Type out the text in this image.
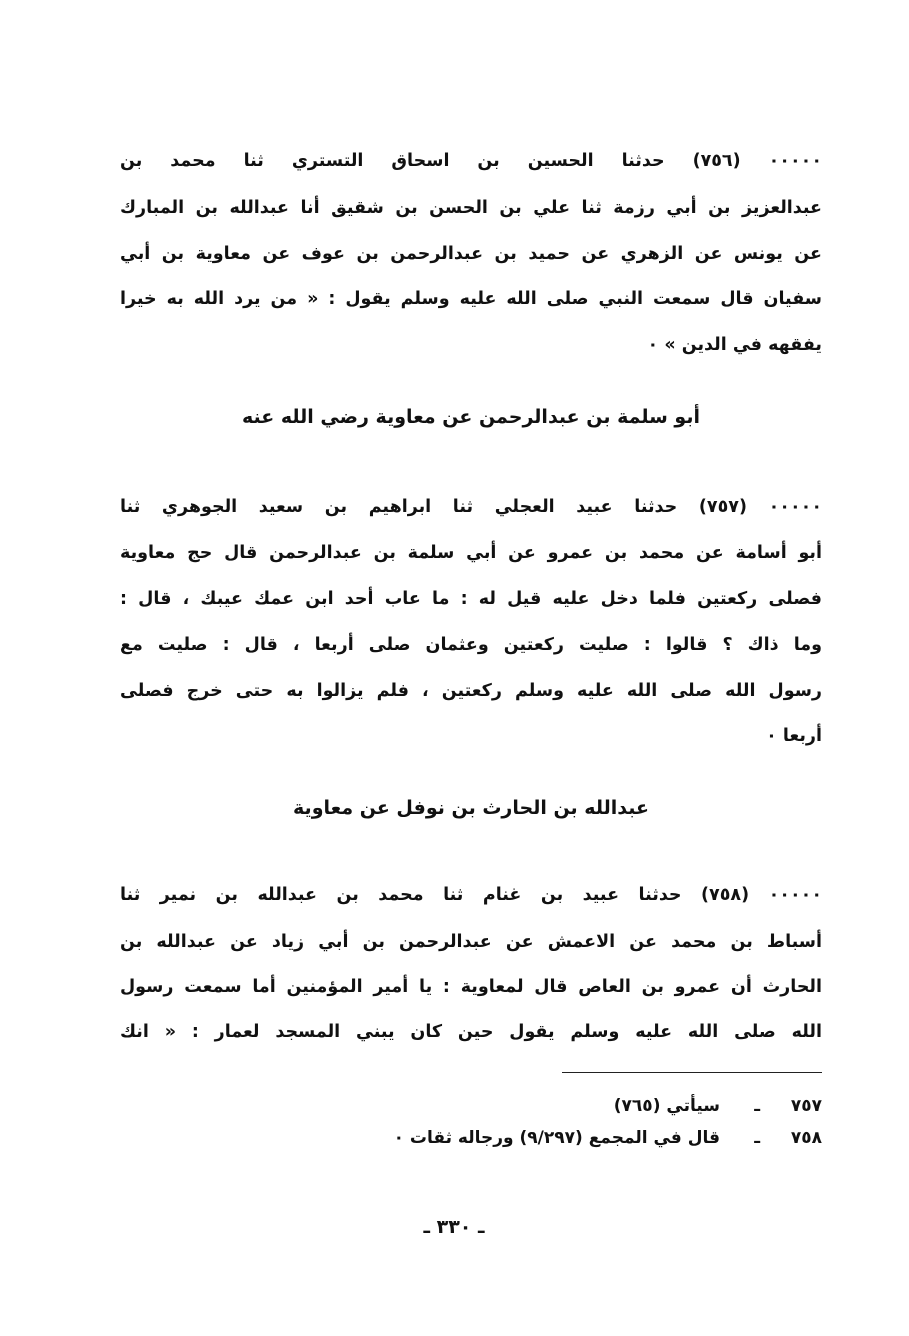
٠٠٠٠٠ (٧٥٦) حدثنا الحسين بن اسحاق التستري ثنا محمد بن
عبدالعزيز بن أبي رزمة ثنا علي بن الحسن بن شقيق أنا عبدالله بن المبارك
عن يونس عن الزهري عن حميد بن عبدالرحمن بن عوف عن معاوية بن أبي
سفيان قال سمعت النبي صلى الله عليه وسلم يقول : « من يرد الله به خيرا
يفقهه في الدين » ٠
أبو سلمة بن عبدالرحمن عن معاوية رضي الله عنه
٠٠٠٠٠ (٧٥٧) حدثنا عبيد العجلي ثنا ابراهيم بن سعيد الجوهري ثنا
أبو أسامة عن محمد بن عمرو عن أبي سلمة بن عبدالرحمن قال حج معاوية
فصلى ركعتين فلما دخل عليه قيل له : ما عاب أحد ابن عمك عيبك ، قال :
وما ذاك ؟ قالوا : صليت ركعتين وعثمان صلى أربعا ، قال : صليت مع
رسول الله صلى الله عليه وسلم ركعتين ، فلم يزالوا به حتى خرج فصلى
أربعا ٠
عبدالله بن الحارث بن نوفل عن معاوية
٠٠٠٠٠ (٧٥٨) حدثنا عبيد بن غنام ثنا محمد بن عبدالله بن نمير ثنا
أسباط بن محمد عن الاعمش عن عبدالرحمن بن أبي زياد عن عبدالله بن
الحارث أن عمرو بن العاص قال لمعاوية : يا أمير المؤمنين أما سمعت رسول
الله صلى الله عليه وسلم يقول حين كان يبني المسجد لعمار : « انك
٧٥٧ـسيأتي (٧٦٥)
٧٥٨ـقال في المجمع (٩/٢٩٧) ورجاله ثقات ٠
ـ ٣٣٠ ـ
